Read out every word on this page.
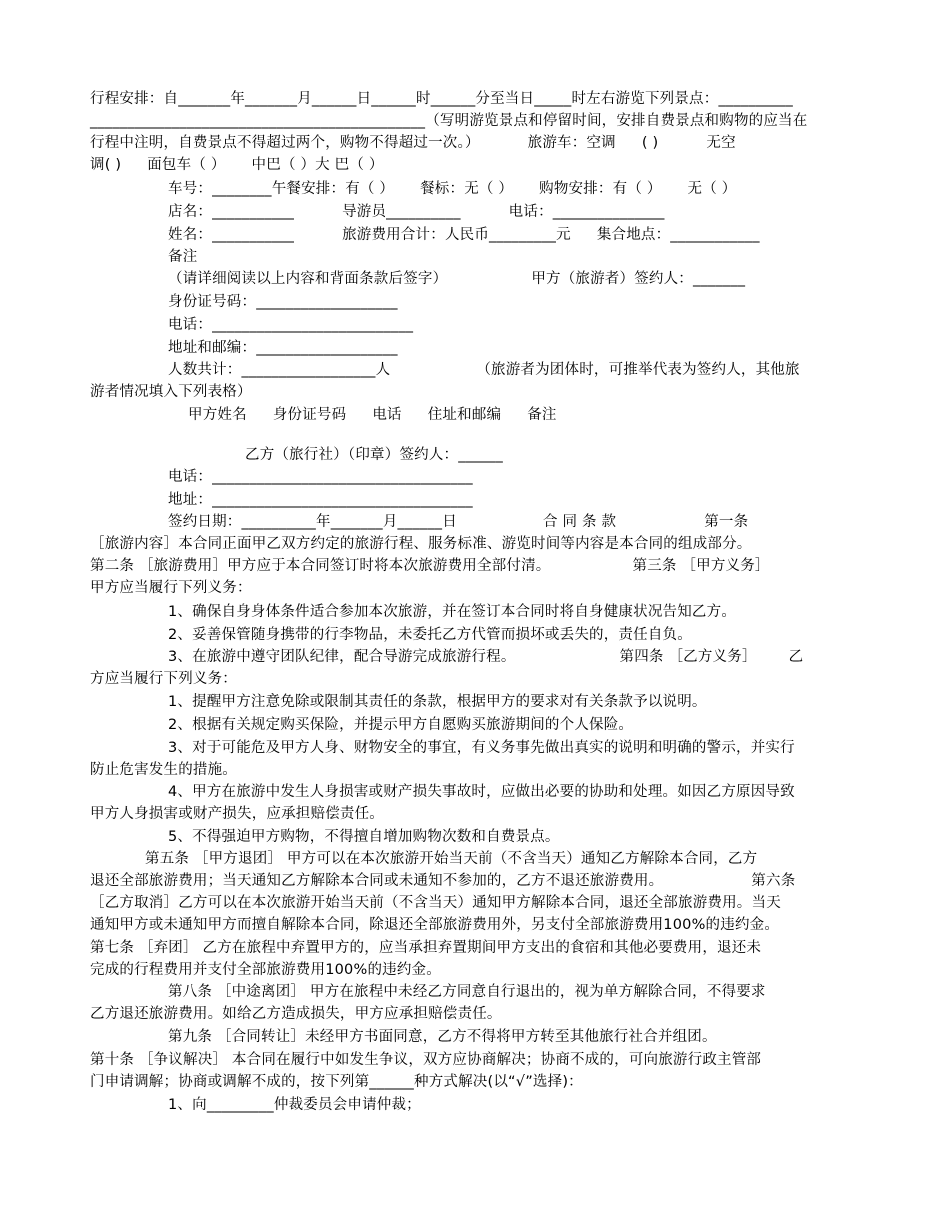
行程安排：自_______年_______月______日______时______分至当日_____时左右游览下列景点：__________
_____________________________________________（写明游览景点和停留时间，安排自费景点和购物的应当在
行程中注明，自费景点不得超过两个，购物不得超过一次。）	旅游车：空调 ( )	无空
调( ) 面包车（ ） 中巴（ ）大 巴（ ）
车号：________午餐安排：有（ ） 餐标：无（ ） 购物安排：有（ ） 无（ ）
店名：___________	导游员__________	电话：_______________
姓名：___________	旅游费用合计：人民币_________元 集合地点：____________
备注
（请详细阅读以上内容和背面条款后签字）	甲方（旅游者）签约人：_______
身份证号码：___________________
电话：___________________________
地址和邮编：___________________
人数共计：__________________人	（旅游者为团体时，可推举代表为签约人，其他旅
游者情况填入下列表格）
甲方姓名 身份证号码 电话 住址和邮编 备注
乙方（旅行社）（印章）签约人：______
电话：___________________________________
地址：___________________________________
签约日期：__________年_______月______日	合 同 条 款	第一条
［旅游内容］本合同正面甲乙双方约定的旅游行程、服务标准、游览时间等内容是本合同的组成部分。
第二条 ［旅游费用］甲方应于本合同签订时将本次旅游费用全部付清。	第三条 ［甲方义务］
甲方应当履行下列义务：
1、确保自身身体条件适合参加本次旅游，并在签订本合同时将自身健康状况告知乙方。
2、妥善保管随身携带的行李物品，未委托乙方代管而损坏或丢失的，责任自负。
3、在旅游中遵守团队纪律，配合导游完成旅游行程。	第四条 ［乙方义务］ 乙
方应当履行下列义务：
1、提醒甲方注意免除或限制其责任的条款，根据甲方的要求对有关条款予以说明。
2、根据有关规定购买保险，并提示甲方自愿购买旅游期间的个人保险。
3、对于可能危及甲方人身、财物安全的事宜，有义务事先做出真实的说明和明确的警示，并实行
防止危害发生的措施。
4、甲方在旅游中发生人身损害或财产损失事故时，应做出必要的协助和处理。如因乙方原因导致
甲方人身损害或财产损失，应承担赔偿责任。
5、不得强迫甲方购物，不得擅自增加购物次数和自费景点。
第五条 ［甲方退团］ 甲方可以在本次旅游开始当天前（不含当天）通知乙方解除本合同，乙方
退还全部旅游费用；当天通知乙方解除本合同或未通知不参加的，乙方不退还旅游费用。	第六条
［乙方取消］乙方可以在本次旅游开始当天前（不含当天）通知甲方解除本合同，退还全部旅游费用。当天
通知甲方或未通知甲方而擅自解除本合同，除退还全部旅游费用外，另支付全部旅游费用100%的违约金。
第七条 ［弃团］ 乙方在旅程中弃置甲方的，应当承担弃置期间甲方支出的食宿和其他必要费用，退还未
完成的行程费用并支付全部旅游费用100%的违约金。
第八条 ［中途离团］ 甲方在旅程中未经乙方同意自行退出的，视为单方解除合同，不得要求
乙方退还旅游费用。如给乙方造成损失，甲方应承担赔偿责任。
第九条 ［合同转让］未经甲方书面同意，乙方不得将甲方转至其他旅行社合并组团。
第十条 ［争议解决］ 本合同在履行中如发生争议，双方应协商解决；协商不成的，可向旅游行政主管部
门申请调解；协商或调解不成的，按下列第______种方式解决(以“√”选择)：
1、向_________仲裁委员会申请仲裁；
